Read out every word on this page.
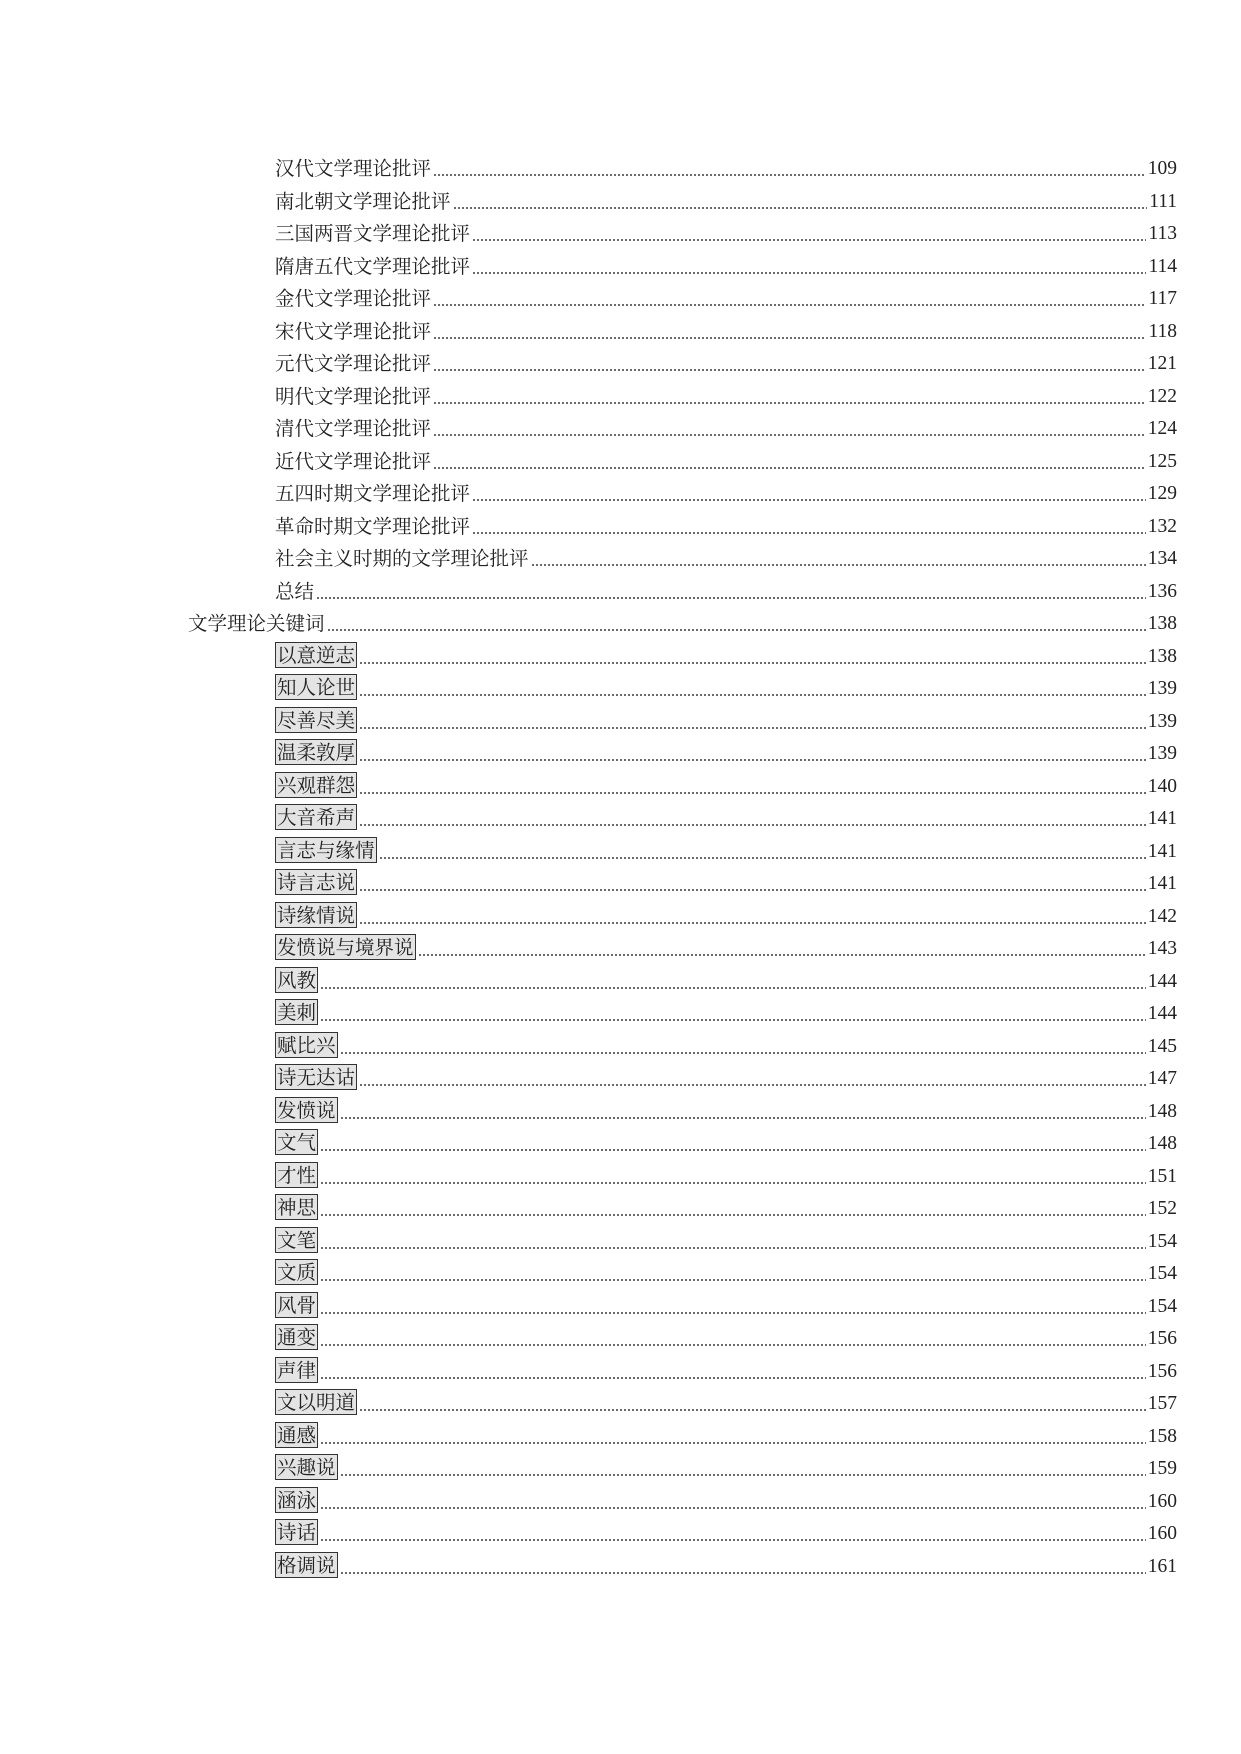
汉代文学理论批评	109
南北朝文学理论批评	111
三国两晋文学理论批评	113
隋唐五代文学理论批评	114
金代文学理论批评	117
宋代文学理论批评	118
元代文学理论批评	121
明代文学理论批评	122
清代文学理论批评	124
近代文学理论批评	125
五四时期文学理论批评	129
革命时期文学理论批评	132
社会主义时期的文学理论批评	134
总结	136
文学理论关键词	138
以意逆志	138
知人论世	139
尽善尽美	139
温柔敦厚	139
兴观群怨	140
大音希声	141
言志与缘情	141
诗言志说	141
诗缘情说	142
发愤说与境界说	143
风教	144
美刺	144
赋比兴	145
诗无达诂	147
发愤说	148
文气	148
才性	151
神思	152
文笔	154
文质	154
风骨	154
通变	156
声律	156
文以明道	157
通感	158
兴趣说	159
涵泳	160
诗话	160
格调说	161
